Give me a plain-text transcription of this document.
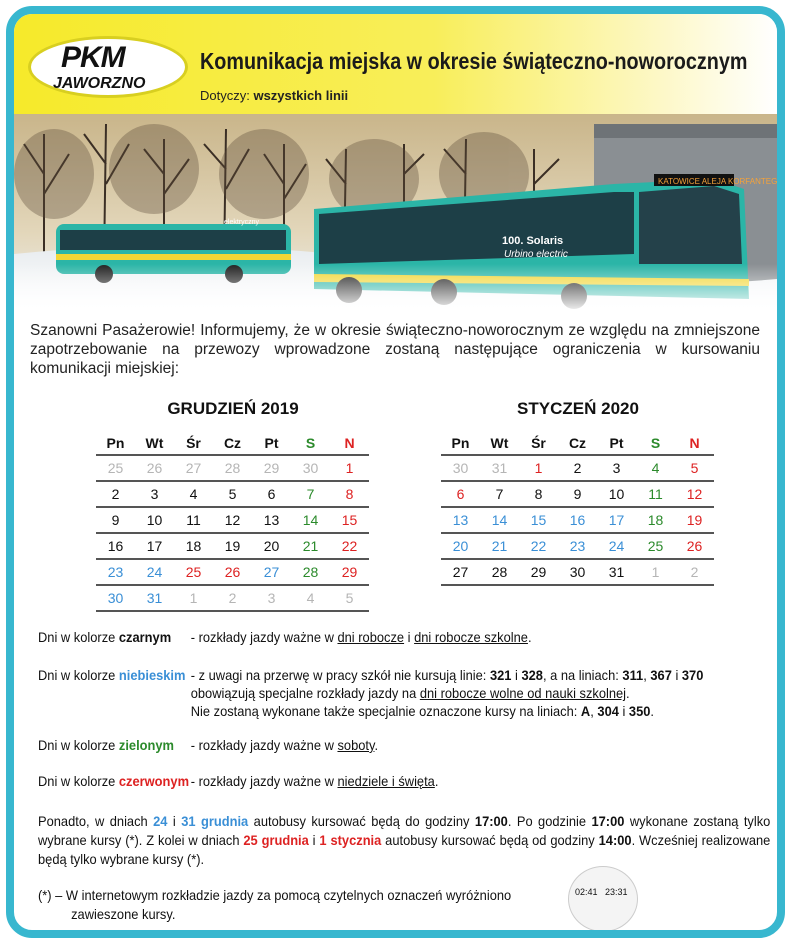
PKM
JAWORZNO
Komunikacja miejska w okresie świąteczno-noworocznym
Dotyczy: wszystkich linii
Szanowni Pasażerowie! Informujemy, że w okresie świąteczno-noworocznym ze względu na zmniejszone zapotrzebowanie na przewozy wprowadzone zostaną następujące ograniczenia w kursowaniu komunikacji miejskiej:
GRUDZIEŃ 2019
Pn	Wt	Śr	Cz	Pt	S	N
25	26	27	28	29	30	1
2	3	4	5	6	7	8
9	10	11	12	13	14	15
16	17	18	19	20	21	22
23	24	25	26	27	28	29
30	31	1	2	3	4	5
STYCZEŃ 2020
Pn	Wt	Śr	Cz	Pt	S	N
30	31	1	2	3	4	5
6	7	8	9	10	11	12
13	14	15	16	17	18	19
20	21	22	23	24	25	26
27	28	29	30	31	1	2
Dni w kolorze czarnym - rozkłady jazdy ważne w dni robocze i dni robocze szkolne.
Dni w kolorze niebieskim - z uwagi na przerwę w pracy szkół nie kursują linie: 321 i 328, a na liniach: 311, 367 i 370
obowiązują specjalne rozkłady jazdy na dni robocze wolne od nauki szkolnej.
Nie zostaną wykonane także specjalnie oznaczone kursy na liniach: A, 304 i 350.
Dni w kolorze zielonym - rozkłady jazdy ważne w soboty.
Dni w kolorze czerwonym - rozkłady jazdy ważne w niedziele i święta.
Ponadto, w dniach 24 i 31 grudnia autobusy kursować będą do godziny 17:00. Po godzinie 17:00 wykonane zostaną tylko wybrane kursy (*). Z kolei w dniach 25 grudnia i 1 stycznia autobusy kursować będą od godziny 14:00. Wcześniej realizowane będą tylko wybrane kursy (*).
(*) – W internetowym rozkładzie jazdy za pomocą czytelnych oznaczeń wyróżniono
zawieszone kursy.
02:41 23:31
